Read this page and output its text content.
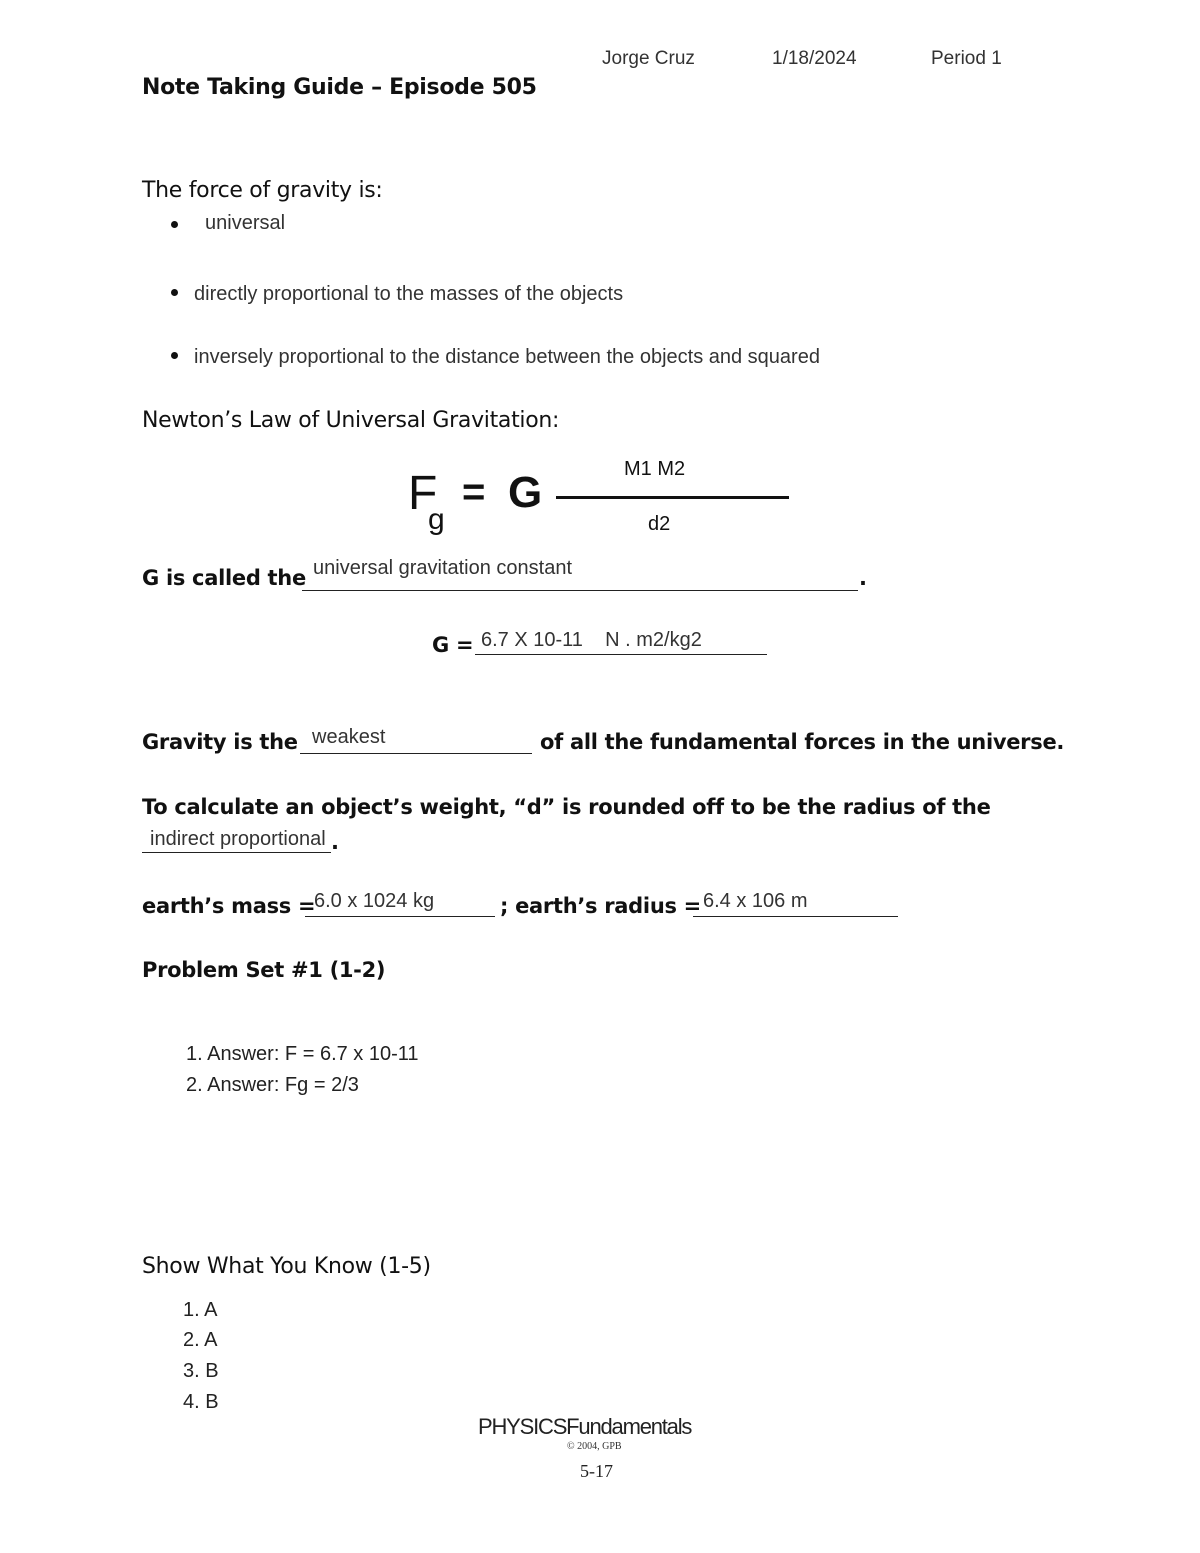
Jorge Cruz	1/18/2024	Period 1
Note Taking Guide – Episode 505
The force of gravity is:
universal
directly proportional to the masses of the objects
inversely proportional to the distance between the objects and squared
Newton’s Law of Universal Gravitation:
F
g
= G	M1 M2
d2
G is called the universal gravitation constant	.
G = 6.7 X 10-11    N . m2/kg2
Gravity is the weakest	of all the fundamental forces in the universe.
To calculate an object’s weight, “d” is rounded off to be the radius of the
indirect proportional .
earth’s mass =
6.0 x 1024 kg	; earth’s radius = 6.4 x 106 m
Problem Set #1 (1-2)
1. Answer: F = 6.7 x 10-11
2. Answer: Fg = 2/3
Show What You Know (1-5)
1. A
2. A
3. B
4. B
PHYSICSFundamentals
© 2004, GPB
5-17
